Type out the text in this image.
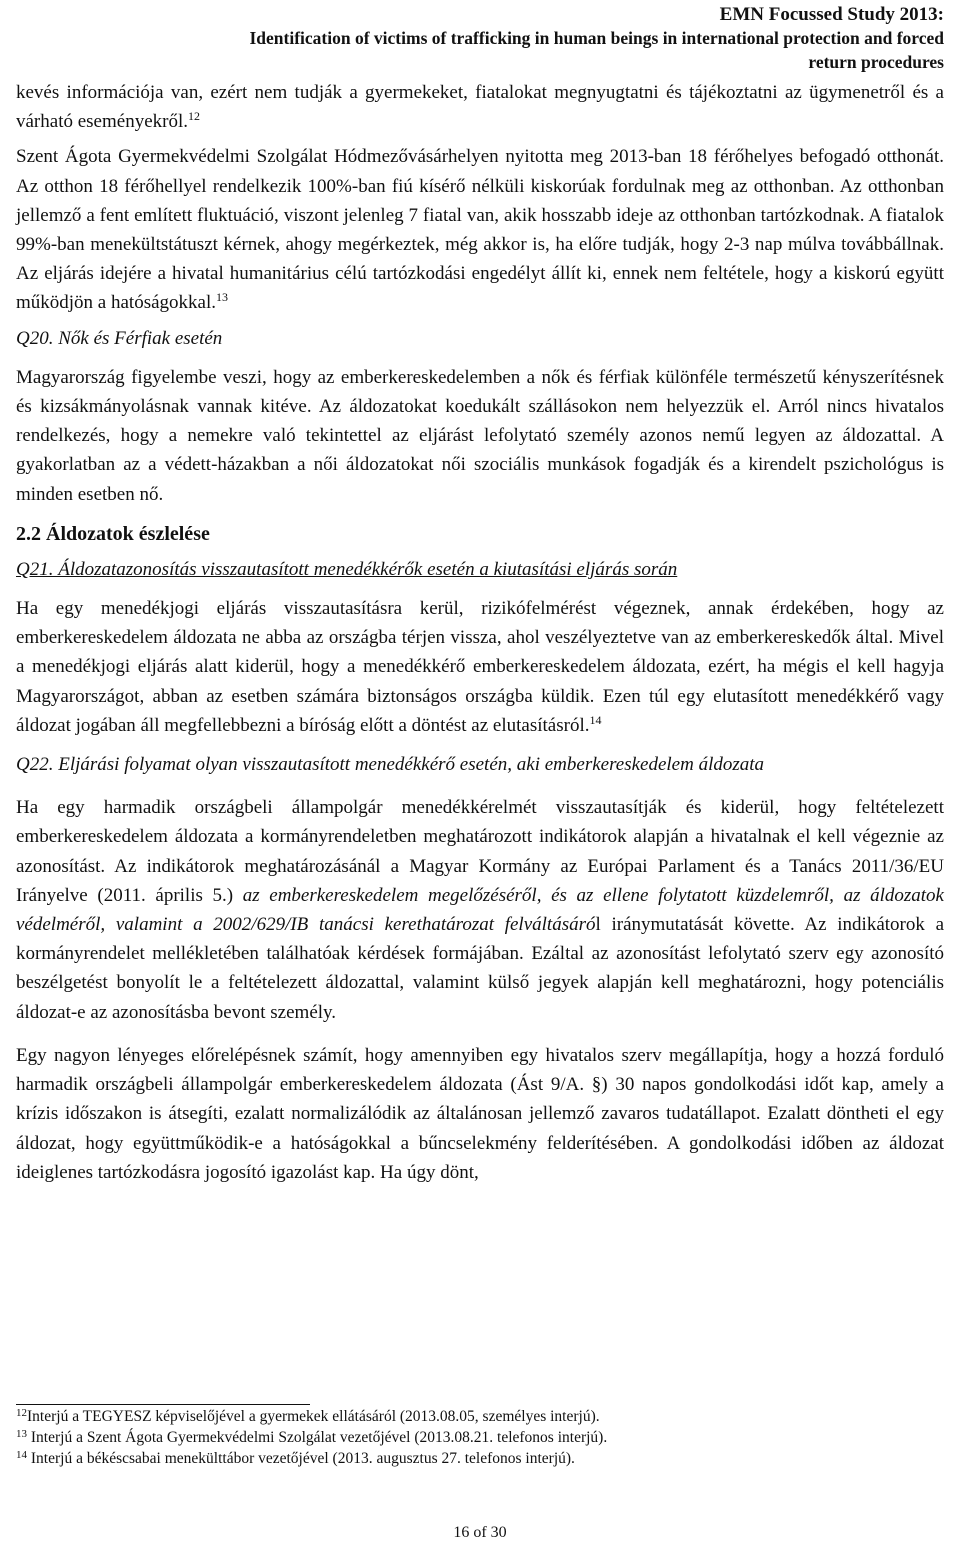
EMN Focussed Study 2013:
Identification of victims of trafficking in human beings in international protection and forced
return procedures

kevés információja van, ezért nem tudják a gyermekeket, fiatalokat megnyugtatni és tájékoztatni az ügymenetről és a várható eseményekről.$^{12}$

Szent Ágota Gyermekvédelmi Szolgálat Hódmezővásárhelyen nyitotta meg 2013-ban 18 férőhelyes befogadó otthonát. Az otthon 18 férőhellyel rendelkezik 100%-ban fiú kísérő nélküli kiskorúak fordulnak meg az otthonban. Az otthonban jellemző a fent említett fluktuáció, viszont jelenleg 7 fiatal van, akik hosszabb ideje az otthonban tartózkodnak. A fiatalok 99%-ban menekültstátuszt kérnek, ahogy megérkeztek, még akkor is, ha előre tudják, hogy 2-3 nap múlva továbbállnak. Az eljárás idejére a hivatal humanitárius célú tartózkodási engedélyt állít ki, ennek nem feltétele, hogy a kiskorú együtt működjön a hatóságokkal.$^{13}$

Q20. Nők és Férfiak esetén

Magyarország figyelembe veszi, hogy az emberkereskedelemben a nők és férfiak különféle természetű kényszerítésnek és kizsákmányolásnak vannak kitéve. Az áldozatokat koedukált szállásokon nem helyezzük el. Arról nincs hivatalos rendelkezés, hogy a nemekre való tekintettel az eljárást lefolytató személy azonos nemű legyen az áldozattal. A gyakorlatban az a védett-házakban a női áldozatokat női szociális munkások fogadják és a kirendelt pszichológus is minden esetben nő.

2.2 Áldozatok észlelése
Q21. Áldozatazonosítás visszautasított menedékkérők esetén a kiutasítási eljárás során

Ha egy menedékjogi eljárás visszautasításra kerül, rizikófelmérést végeznek, annak érdekében, hogy az emberkereskedelem áldozata ne abba az országba térjen vissza, ahol veszélyeztetve van az emberkereskedők által. Mivel a menedékjogi eljárás alatt kiderül, hogy a menedékkérő emberkereskedelem áldozata, ezért, ha mégis el kell hagyja Magyarországot, abban az esetben számára biztonságos országba küldik. Ezen túl egy elutasított menedékkérő vagy áldozat jogában áll megfellebbezni a bíróság előtt a döntést az elutasításról.$^{14}$

Q22. Eljárási folyamat olyan visszautasított menedékkérő esetén, aki emberkereskedelem áldozata

Ha egy harmadik országbeli állampolgár menedékkérelmét visszautasítják és kiderül, hogy feltételezett emberkereskedelem áldozata a kormányrendeletben meghatározott indikátorok alapján a hivatalnak el kell végeznie az azonosítást. Az indikátorok meghatározásánál a Magyar Kormány az Európai Parlament és a Tanács 2011/36/EU Irányelve (2011. április 5.) az emberkereskedelem megelőzéséről, és az ellene folytatott küzdelemről, az áldozatok védelméről, valamint a 2002/629/IB tanácsi kerethatározat felváltásáról iránymutatását követte. Az indikátorok a kormányrendelet mellékletében találhatóak kérdések formájában. Ezáltal az azonosítást lefolytató szerv egy azonosító beszélgetést bonyolít le a feltételezett áldozattal, valamint külső jegyek alapján kell meghatározni, hogy potenciális áldozat-e az azonosításba bevont személy.

Egy nagyon lényeges előrelépésnek számít, hogy amennyiben egy hivatalos szerv megállapítja, hogy a hozzá forduló harmadik országbeli állampolgár emberkereskedelem áldozata (Ást 9/A. §) 30 napos gondolkodási időt kap, amely a krízis időszakon is átsegíti, ezalatt normalizálódik az általánosan jellemző zavaros tudatállapot. Ezalatt döntheti el egy áldozat, hogy együttműködik-e a hatóságokkal a bűncselekmény felderítésében. A gondolkodási időben az áldozat ideiglenes tartózkodásra jogosító igazolást kap. Ha úgy dönt,

$^{12}$Interjú a TEGYESZ képviselőjével a gyermekek ellátásáról (2013.08.05, személyes interjú).
$^{13}$ Interjú a Szent Ágota Gyermekvédelmi Szolgálat vezetőjével (2013.08.21. telefonos interjú).
$^{14}$ Interjú a békéscsabai menekülttábor vezetőjével (2013. augusztus 27. telefonos interjú).
16 of 30
